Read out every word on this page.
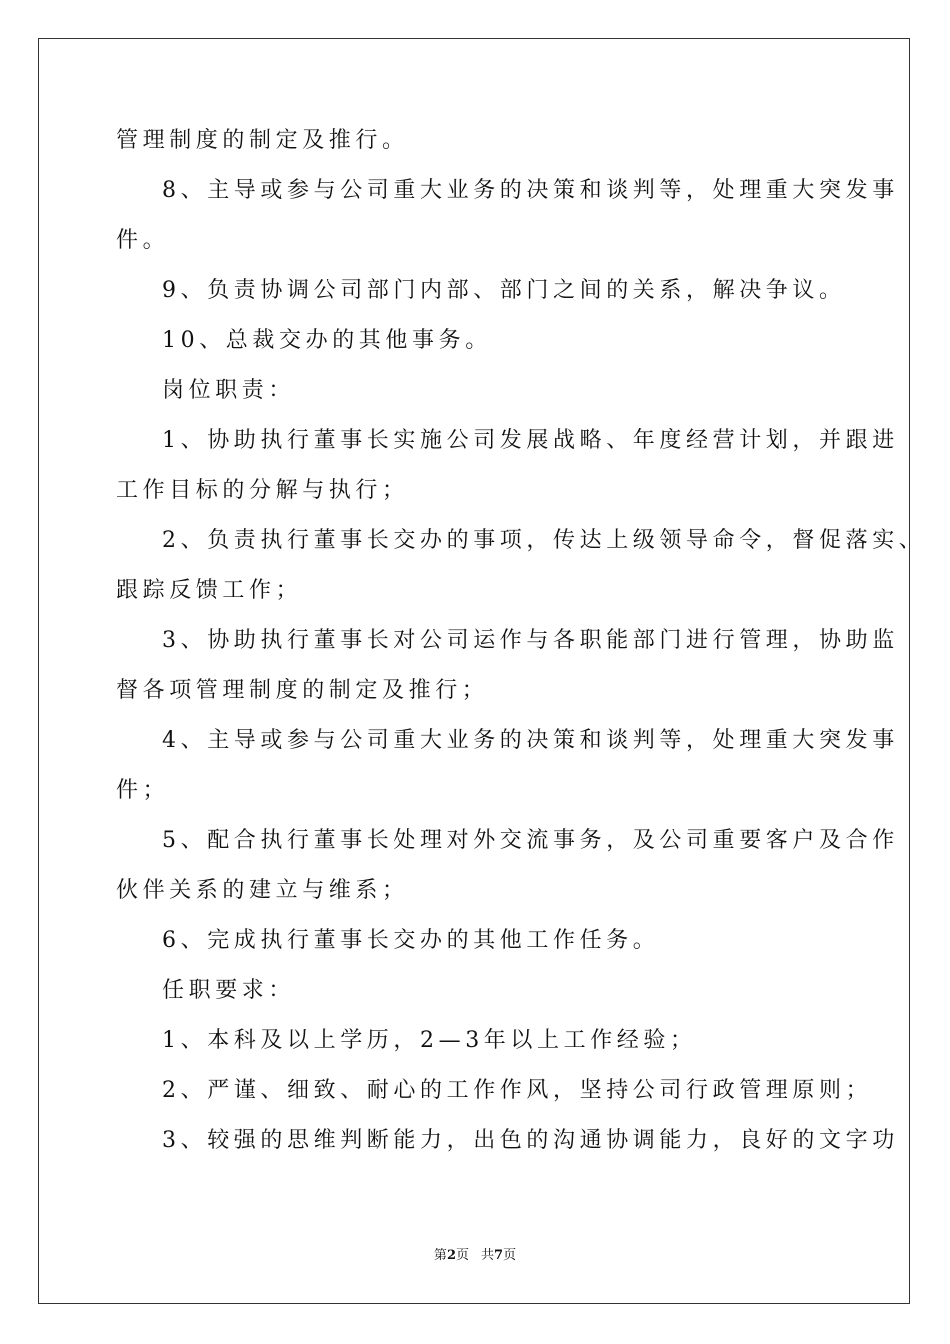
管理制度的制定及推行。
8、主导或参与公司重大业务的决策和谈判等，处理重大突发事
件。
9、负责协调公司部门内部、部门之间的关系，解决争议。
10、总裁交办的其他事务。
岗位职责：
1、协助执行董事长实施公司发展战略、年度经营计划，并跟进
工作目标的分解与执行；
2、负责执行董事长交办的事项，传达上级领导命令，督促落实、
跟踪反馈工作；
3、协助执行董事长对公司运作与各职能部门进行管理，协助监
督各项管理制度的制定及推行；
4、主导或参与公司重大业务的决策和谈判等，处理重大突发事
件；
5、配合执行董事长处理对外交流事务，及公司重要客户及合作
伙伴关系的建立与维系；
6、完成执行董事长交办的其他工作任务。
任职要求：
1、本科及以上学历，2—3年以上工作经验；
2、严谨、细致、耐心的工作作风，坚持公司行政管理原则；
3、较强的思维判断能力，出色的沟通协调能力，良好的文字功
第2页 共7页
